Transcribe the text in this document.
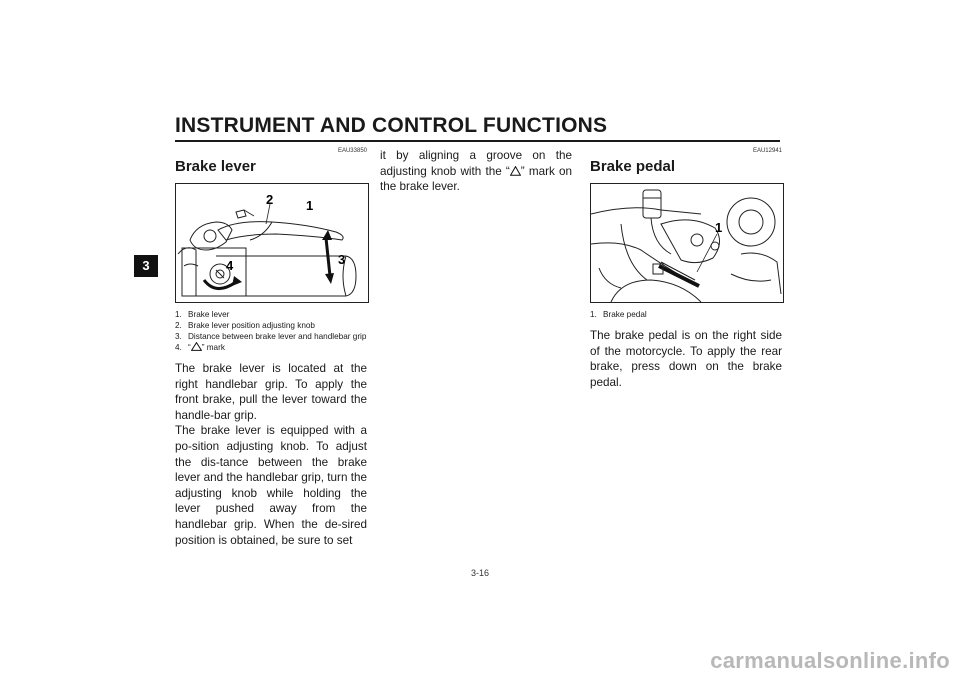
INSTRUMENT AND CONTROL FUNCTIONS
3
EAU33850
Brake lever
1
2
3
4
1. Brake lever
2. Brake lever position adjusting knob
3. Distance between brake lever and handlebar grip
4. “ ” mark

The brake lever is located at the right handlebar grip. To apply the front brake, pull the lever toward the handle-bar grip.

The brake lever is equipped with a po-sition adjusting knob. To adjust the dis-tance between the brake lever and the handlebar grip, turn the adjusting knob while holding the lever pushed away from the handlebar grip. When the de-sired position is obtained, be sure to set

it by aligning a groove on the adjusting knob with the “ ” mark on the brake lever.

EAU12941
Brake pedal
1
1. Brake pedal

The brake pedal is on the right side of the motorcycle. To apply the rear brake, press down on the brake pedal.

3-16
carmanualsonline.info
